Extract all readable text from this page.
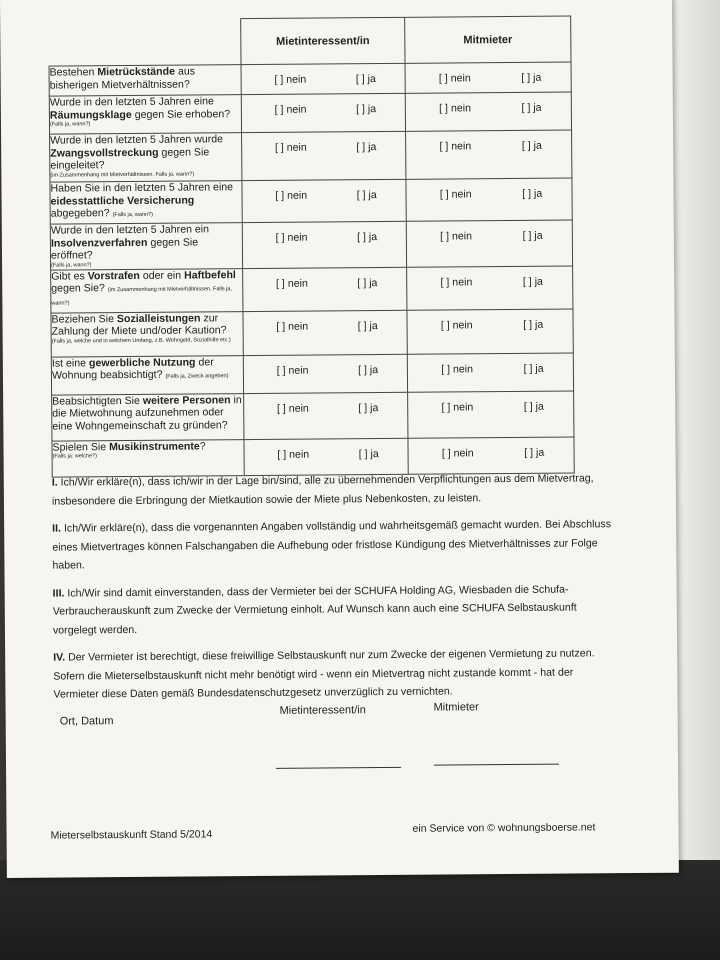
	Mietinteressent/in	Mitmieter
Bestehen Mietrückstände aus bisherigen Mietverhältnissen?	[ ] nein [ ] ja	[ ] nein [ ] ja

Wurde in den letzten 5 Jahren eine Räumungsklage gegen Sie erhoben?
(Falls ja, wann?)	[ ] nein [ ] ja	[ ] nein [ ] ja

Wurde in den letzten 5 Jahren wurde Zwangsvollstreckung gegen Sie eingeleitet?
(im Zusammenhang mit Mietverhältnissen. Falls ja, wann?)	[ ] nein [ ] ja	[ ] nein [ ] ja

Haben Sie in den letzten 5 Jahren eine eidesstattliche Versicherung abgegeben? (Falls ja, wann?)	[ ] nein [ ] ja	[ ] nein [ ] ja

Wurde in den letzten 5 Jahren ein Insolvenzverfahren gegen Sie eröffnet?
(Falls ja, wann?)	[ ] nein [ ] ja	[ ] nein [ ] ja

Gibt es Vorstrafen oder ein Haftbefehl gegen Sie? (im Zusammenhang mit Mietverhältnissen. Falls ja, wann?)	[ ] nein [ ] ja	[ ] nein [ ] ja

Beziehen Sie Sozialleistungen zur Zahlung der Miete und/oder Kaution?
(Falls ja, welche und in welchem Umfang, z.B. Wohngeld, Sozialhilfe etc.)	[ ] nein [ ] ja	[ ] nein [ ] ja

Ist eine gewerbliche Nutzung der Wohnung beabsichtigt? (Falls ja, Zweck angeben)	[ ] nein [ ] ja	[ ] nein [ ] ja

Beabsichtigten Sie weitere Personen in die Mietwohnung aufzunehmen oder eine Wohngemeinschaft zu gründen?	[ ] nein [ ] ja	[ ] nein [ ] ja

Spielen Sie Musikinstrumente?
(Falls ja: welche?)	[ ] nein [ ] ja	[ ] nein [ ] ja

I. Ich/Wir erkläre(n), dass ich/wir in der Lage bin/sind, alle zu übernehmenden Verpflichtungen aus dem Mietvertrag, insbesondere die Erbringung der Mietkaution sowie der Miete plus Nebenkosten, zu leisten.

II. Ich/Wir erkläre(n), dass die vorgenannten Angaben vollständig und wahrheitsgemäß gemacht wurden. Bei Abschluss eines Mietvertrages können Falschangaben die Aufhebung oder fristlose Kündigung des Mietverhältnisses zur Folge haben.

III. Ich/Wir sind damit einverstanden, dass der Vermieter bei der SCHUFA Holding AG, Wiesbaden die Schufa-Verbraucherauskunft zum Zwecke der Vermietung einholt. Auf Wunsch kann auch eine SCHUFA Selbstauskunft vorgelegt werden.

IV. Der Vermieter ist berechtigt, diese freiwillige Selbstauskunft nur zum Zwecke der eigenen Vermietung zu nutzen. Sofern die Mieterselbstauskunft nicht mehr benötigt wird - wenn ein Mietvertrag nicht zustande kommt - hat der Vermieter diese Daten gemäß Bundesdatenschutzgesetz unverzüglich zu vernichten.

Ort, Datum
Mietinteressent/in	Mitmieter
Mieterselbstauskunft Stand 5/2014
ein Service von © wohnungsboerse.net
